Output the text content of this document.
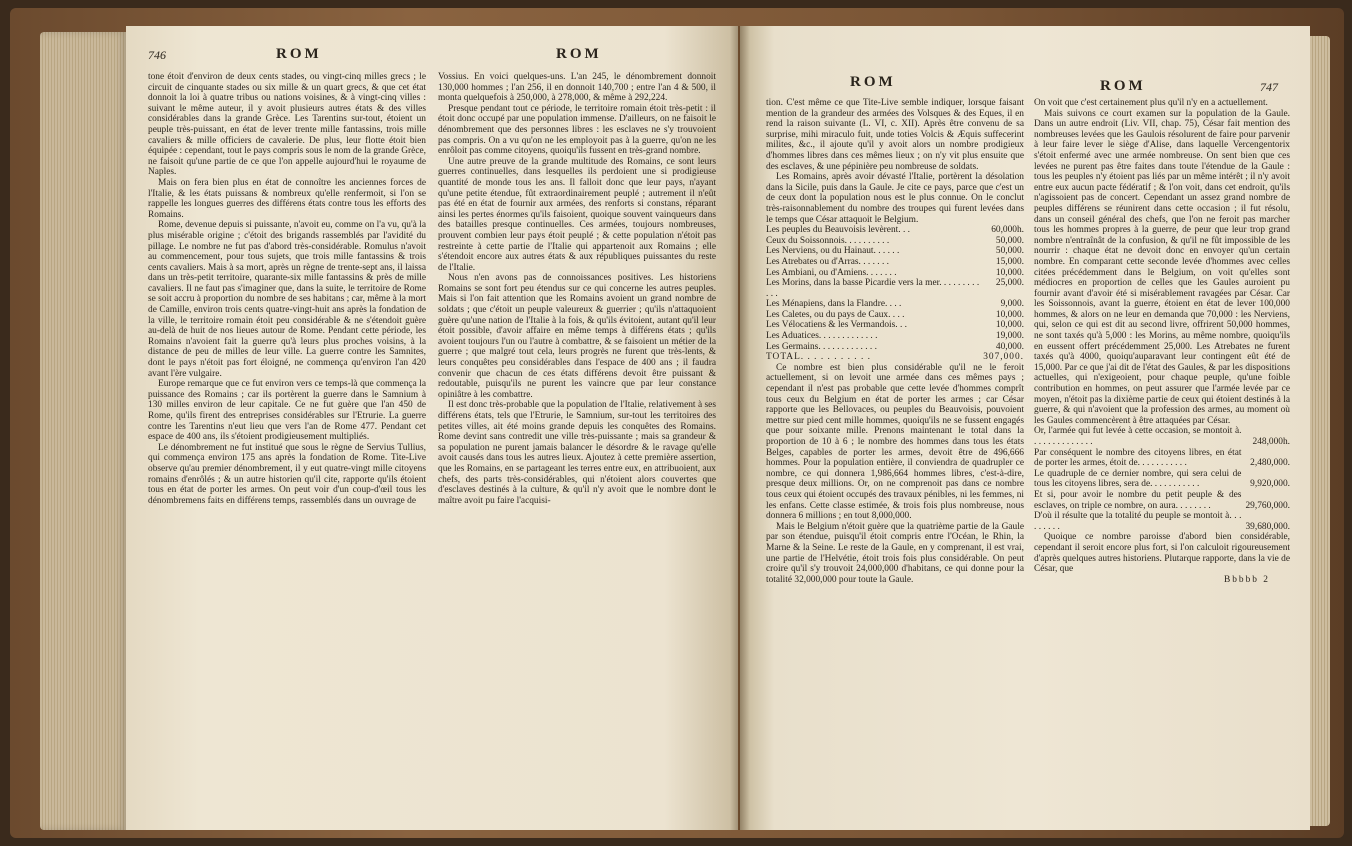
746	ROM	ROM

tone étoit d'environ de deux cents stades, ou vingt-cinq milles grecs ; le circuit de cinquante stades ou six mille & un quart grecs, & que cet état donnoit la loi à quatre tribus ou nations voisines, & à vingt-cinq villes : suivant le même auteur, il y avoit plusieurs autres états & des villes considérables dans la grande Grèce. Les Tarentins sur-tout, étoient un peuple très-puissant, en état de lever trente mille fantassins, trois mille cavaliers & mille officiers de cavalerie. De plus, leur flotte étoit bien équipée : cependant, tout le pays compris sous le nom de la grande Grèce, ne faisoit qu'une partie de ce que l'on appelle aujourd'hui le royaume de Naples.

Mais on fera bien plus en état de connoître les anciennes forces de l'Italie, & les états puissans & nombreux qu'elle renfermoit, si l'on se rappelle les longues guerres des différens états contre tous les efforts des Romains.

Rome, devenue depuis si puissante, n'avoit eu, comme on l'a vu, qu'à la plus misérable origine ; c'étoit des brigands rassemblés par l'avidité du pillage. Le nombre ne fut pas d'abord très-considérable. Romulus n'avoit au commencement, pour tous sujets, que trois mille fantassins & trois cents cavaliers. Mais à sa mort, après un règne de trente-sept ans, il laissa dans un très-petit territoire, quarante-six mille fantassins & près de mille cavaliers. Il ne faut pas s'imaginer que, dans la suite, le territoire de Rome se soit accru à proportion du nombre de ses habitans ; car, même à la mort de Camille, environ trois cents quatre-vingt-huit ans après la fondation de la ville, le territoire romain étoit peu considérable & ne s'étendoit guère au-delà de huit de nos lieues autour de Rome. Pendant cette période, les Romains n'avoient fait la guerre qu'à leurs plus proches voisins, à la distance de peu de milles de leur ville. La guerre contre les Samnites, dont le pays n'étoit pas fort éloigné, ne commença qu'environ l'an 420 avant l'ère vulgaire.

Europe remarque que ce fut environ vers ce temps-là que commença la puissance des Romains ; car ils portèrent la guerre dans le Samnium à 130 milles environ de leur capitale. Ce ne fut guère que l'an 450 de Rome, qu'ils firent des entreprises considérables sur l'Etrurie. La guerre contre les Tarentins n'eut lieu que vers l'an de Rome 477. Pendant cet espace de 400 ans, ils s'étoient prodigieusement multipliés.

Le dénombrement ne fut institué que sous le règne de Servius Tullius, qui commença environ 175 ans après la fondation de Rome. Tite-Live observe qu'au premier dénombrement, il y eut quatre-vingt mille citoyens romains d'enrôlés ; & un autre historien qu'il cite, rapporte qu'ils étoient tous en état de porter les armes. On peut voir d'un coup-d'œil tous les dénombremens faits en différens temps, rassemblés dans un ouvrage de

Vossius. En voici quelques-uns. L'an 245, le dénombrement donnoit 130,000 hommes ; l'an 256, il en donnoit 140,700 ; entre l'an 4 & 500, il monta quelquefois à 250,000, à 278,000, & même à 292,224.

Presque pendant tout ce période, le territoire romain étoit très-petit : il étoit donc occupé par une population immense. D'ailleurs, on ne faisoit le dénombrement que des personnes libres : les esclaves ne s'y trouvoient pas compris. On a vu qu'on ne les employoit pas à la guerre, qu'on ne les enrôloit pas comme citoyens, quoiqu'ils fussent en très-grand nombre.

Une autre preuve de la grande multitude des Romains, ce sont leurs guerres continuelles, dans lesquelles ils perdoient une si prodigieuse quantité de monde tous les ans. Il falloit donc que leur pays, n'ayant qu'une petite étendue, fût extraordinairement peuplé ; autrement il n'eût pas été en état de fournir aux armées, des renforts si constans, réparant ainsi les pertes énormes qu'ils faisoient, quoique souvent vainqueurs dans des batailles presque continuelles. Ces armées, toujours nombreuses, prouvent combien leur pays étoit peuplé ; & cette population n'étoit pas restreinte à cette partie de l'Italie qui appartenoit aux Romains ; elle s'étendoit encore aux autres états & aux républiques puissantes du reste de l'Italie.

Nous n'en avons pas de connoissances positives. Les historiens Romains se sont fort peu étendus sur ce qui concerne les autres peuples. Mais si l'on fait attention que les Romains avoient un grand nombre de soldats ; que c'étoit un peuple valeureux & guerrier ; qu'ils n'attaquoient guère qu'une nation de l'Italie à la fois, & qu'ils évitoient, autant qu'il leur étoit possible, d'avoir affaire en même temps à différens états ; qu'ils avoient toujours l'un ou l'autre à combattre, & se faisoient un métier de la guerre ; que malgré tout cela, leurs progrès ne furent que très-lents, & leurs conquêtes peu considérables dans l'espace de 400 ans ; il faudra convenir que chacun de ces états différens devoit être puissant & redoutable, puisqu'ils ne purent les vaincre que par leur constance opiniâtre à les combattre.

Il est donc très-probable que la population de l'Italie, relativement à ses différens états, tels que l'Etrurie, le Samnium, sur-tout les territoires des petites villes, ait été moins grande depuis les conquêtes des Romains. Rome devint sans contredit une ville très-puissante ; mais sa grandeur & sa population ne purent jamais balancer le désordre & le ravage qu'elle avoit causés dans tous les autres lieux. Ajoutez à cette première assertion, que les Romains, en se partageant les terres entre eux, en attribuoient, aux chefs, des parts très-considérables, qui n'étoient alors couvertes que d'esclaves destinés à la culture, & qu'il n'y avoit que le nombre dont le maître avoit pu faire l'acquisi-

ROM	ROM	747

tion. C'est même ce que Tite-Live semble indiquer, lorsque faisant mention de la grandeur des armées des Volsques & des Eques, il en rend la raison suivante (L. VI, c. XII). Après être convenu de sa surprise, mihi miraculo fuit, unde toties Volcis & Æquis suffecerint milites, &c., il ajoute qu'il y avoit alors un nombre prodigieux d'hommes libres dans ces mêmes lieux ; on n'y vit plus ensuite que des esclaves, & une pépinière peu nombreuse de soldats.

Les Romains, après avoir dévasté l'Italie, portèrent la désolation dans la Sicile, puis dans la Gaule. Je cite ce pays, parce que c'est un de ceux dont la population nous est le plus connue. On le conclut très-raisonnablement du nombre des troupes qui furent levées dans le temps que César attaquoit le Belgium.

Les peuples du Beauvoisis levèrent. . .	60,000h.
Ceux du Soissonnois. . . . . . . . . .	50,000.
Les Nerviens, ou du Hainaut. . . . . .	50,000.
Les Atrebates ou d'Arras. . . . . . .	15,000.
Les Ambiani, ou d'Amiens. . . . . . .	10,000.
Les Morins, dans la basse Picardie vers la mer. . . . . . . . . . . .	25,000.
Les Ménapiens, dans la Flandre. . . .	9,000.
Les Caletes, ou du pays de Caux. . . .	10,000.
Les Vélocatiens & les Vermandois. . .	10,000.
Les Aduatices. . . . . . . . . . . . .	19,000.
Les Germains. . . . . . . . . . . . .	40,000.
TOTAL. . . . . . . . . . .	307,000.

Ce nombre est bien plus considérable qu'il ne le feroit actuellement, si on levoit une armée dans ces mêmes pays ; cependant il n'est pas probable que cette levée d'hommes comprît tous ceux du Belgium en état de porter les armes ; car César rapporte que les Bellovaces, ou peuples du Beauvoisis, pouvoient mettre sur pied cent mille hommes, quoiqu'ils ne se fussent engagés que pour soixante mille. Prenons maintenant le total dans la proportion de 10 à 6 ; le nombre des hommes dans tous les états Belges, capables de porter les armes, devoit être de 496,666 hommes. Pour la population entière, il conviendra de quadrupler ce nombre, ce qui donnera 1,986,664 hommes libres, c'est-à-dire, presque deux millions. Or, on ne comprenoit pas dans ce nombre tous ceux qui étoient occupés des travaux pénibles, ni les femmes, ni les enfans. Cette classe estimée, & trois fois plus nombreuse, nous donnera 6 millions ; en tout 8,000,000.

Mais le Belgium n'étoit guère que la quatrième partie de la Gaule par son étendue, puisqu'il étoit compris entre l'Océan, le Rhin, la Marne & la Seine. Le reste de la Gaule, en y comprenant, il est vrai, une partie de l'Helvétie, étoit trois fois plus considérable. On peut croire qu'il s'y trouvoit 24,000,000 d'habitans, ce qui donne pour la totalité 32,000,000 pour toute la Gaule.

On voit que c'est certainement plus qu'il n'y en a actuellement.

Mais suivons ce court examen sur la population de la Gaule. Dans un autre endroit (Liv. VII, chap. 75), César fait mention des nombreuses levées que les Gaulois résolurent de faire pour parvenir à leur faire lever le siège d'Alise, dans laquelle Vercengentorix s'étoit enfermé avec une armée nombreuse. On sent bien que ces levées ne purent pas être faites dans toute l'étendue de la Gaule : tous les peuples n'y étoient pas liés par un même intérêt ; il n'y avoit entre eux aucun pacte fédératif ; & l'on voit, dans cet endroit, qu'ils n'agissoient pas de concert. Cependant un assez grand nombre de peuples différens se réunirent dans cette occasion ; il fut résolu, dans un conseil général des chefs, que l'on ne feroit pas marcher tous les hommes propres à la guerre, de peur que leur trop grand nombre n'entraînât de la confusion, & qu'il ne fût impossible de les nourrir : chaque état ne devoit donc en envoyer qu'un certain nombre. En comparant cette seconde levée d'hommes avec celles citées précédemment dans le Belgium, on voit qu'elles sont médiocres en proportion de celles que les Gaules auroient pu fournir avant d'avoir été si misérablement ravagées par César. Car les Soissonnois, avant la guerre, étoient en état de lever 100,000 hommes, & alors on ne leur en demanda que 70,000 : les Nerviens, qui, selon ce qui est dit au second livre, offrirent 50,000 hommes, ne sont taxés qu'à 5,000 : les Morins, au même nombre, quoiqu'ils en eussent offert précédemment 25,000. Les Atrebates ne furent taxés qu'à 4000, quoiqu'auparavant leur contingent eût été de 15,000. Par ce que j'ai dit de l'état des Gaules, & par les dispositions actuelles, qui n'exigeoient, pour chaque peuple, qu'une foible contribution en hommes, on peut assurer que l'armée levée par ce moyen, n'étoit pas la dixième partie de ceux qui étoient destinés à la guerre, & qui n'avoient que la profession des armes, au moment où les Gaules commencèrent à être attaquées par César.

Or, l'armée qui fut levée à cette occasion, se montoit à. . . . . . . . . . . . . .	248,000h.
Par conséquent le nombre des citoyens libres, en état de porter les armes, étoit de. . . . . . . . . . .	2,480,000.
Le quadruple de ce dernier nombre, qui sera celui de tous les citoyens libres, sera de. . . . . . . . . . .	9,920,000.
Et si, pour avoir le nombre du petit peuple & des esclaves, on triple ce nombre, on aura. . . . . . . .	29,760,000.
D'où il résulte que la totalité du peuple se montoit à. . . . . . . . .	39,680,000.

Quoique ce nombre paroisse d'abord bien considérable, cependant il seroit encore plus fort, si l'on calculoit rigoureusement d'après quelques autres historiens. Plutarque rapporte, dans la vie de César, que

Bbbbb 2
